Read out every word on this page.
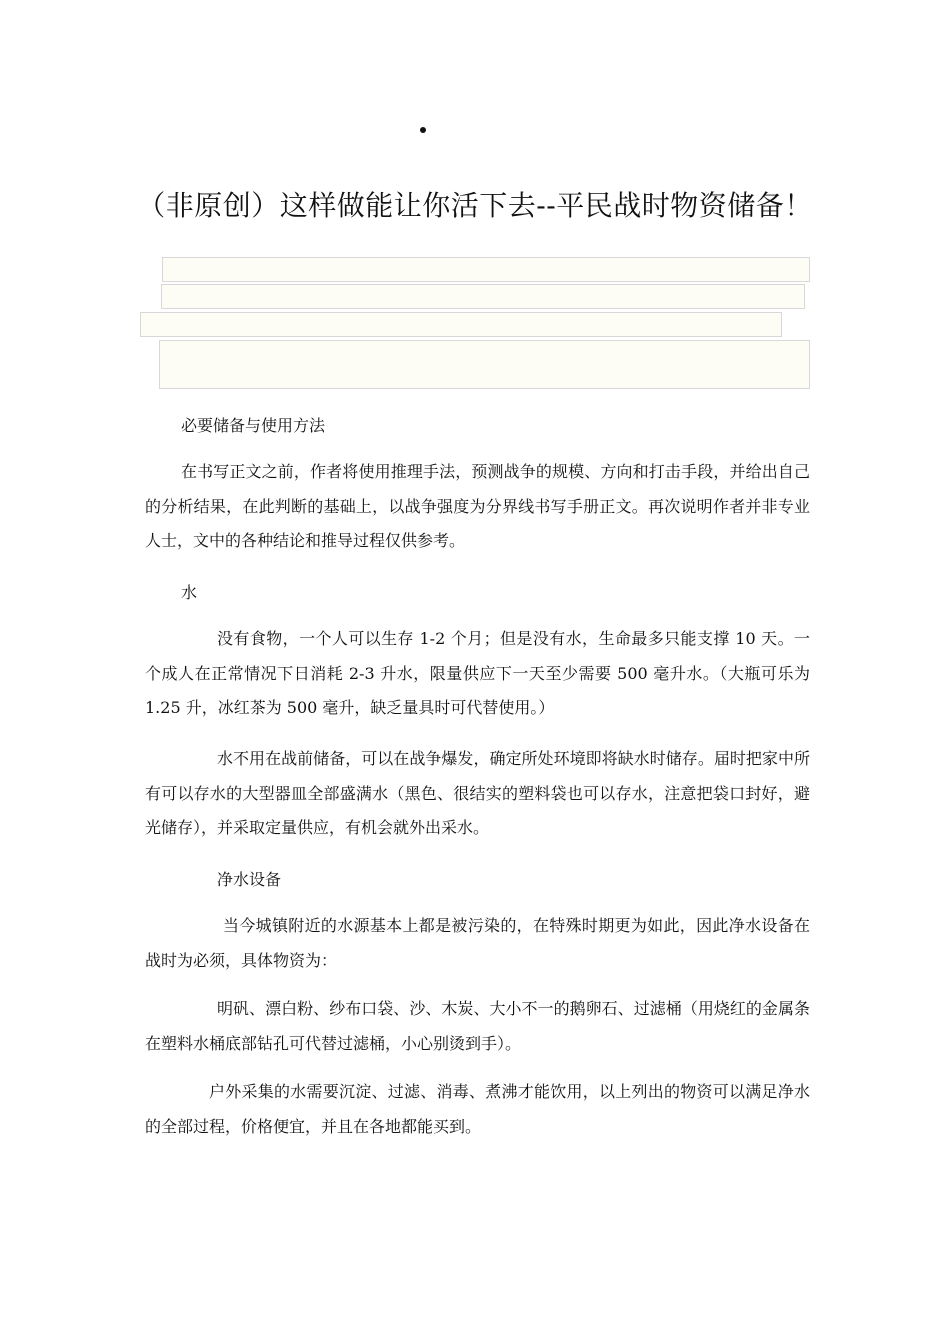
（非原创）这样做能让你活下去--平民战时物资储备！

必要储备与使用方法

在书写正文之前，作者将使用推理手法，预测战争的规模、方向和打击手段，并给出自己的分析结果，在此判断的基础上，以战争强度为分界线书写手册正文。再次说明作者并非专业人士，文中的各种结论和推导过程仅供参考。

水

没有食物，一个人可以生存 1-2 个月；但是没有水，生命最多只能支撑 10 天。一个成人在正常情况下日消耗 2-3 升水，限量供应下一天至少需要 500 毫升水。（大瓶可乐为 1.25 升，冰红茶为 500 毫升，缺乏量具时可代替使用。）

水不用在战前储备，可以在战争爆发，确定所处环境即将缺水时储存。届时把家中所有可以存水的大型器皿全部盛满水（黑色、很结实的塑料袋也可以存水，注意把袋口封好，避光储存），并采取定量供应，有机会就外出采水。

净水设备

当今城镇附近的水源基本上都是被污染的，在特殊时期更为如此，因此净水设备在战时为必须，具体物资为：

明矾、漂白粉、纱布口袋、沙、木炭、大小不一的鹅卵石、过滤桶（用烧红的金属条在塑料水桶底部钻孔可代替过滤桶，小心别烫到手）。

户外采集的水需要沉淀、过滤、消毒、煮沸才能饮用，以上列出的物资可以满足净水的全部过程，价格便宜，并且在各地都能买到。
